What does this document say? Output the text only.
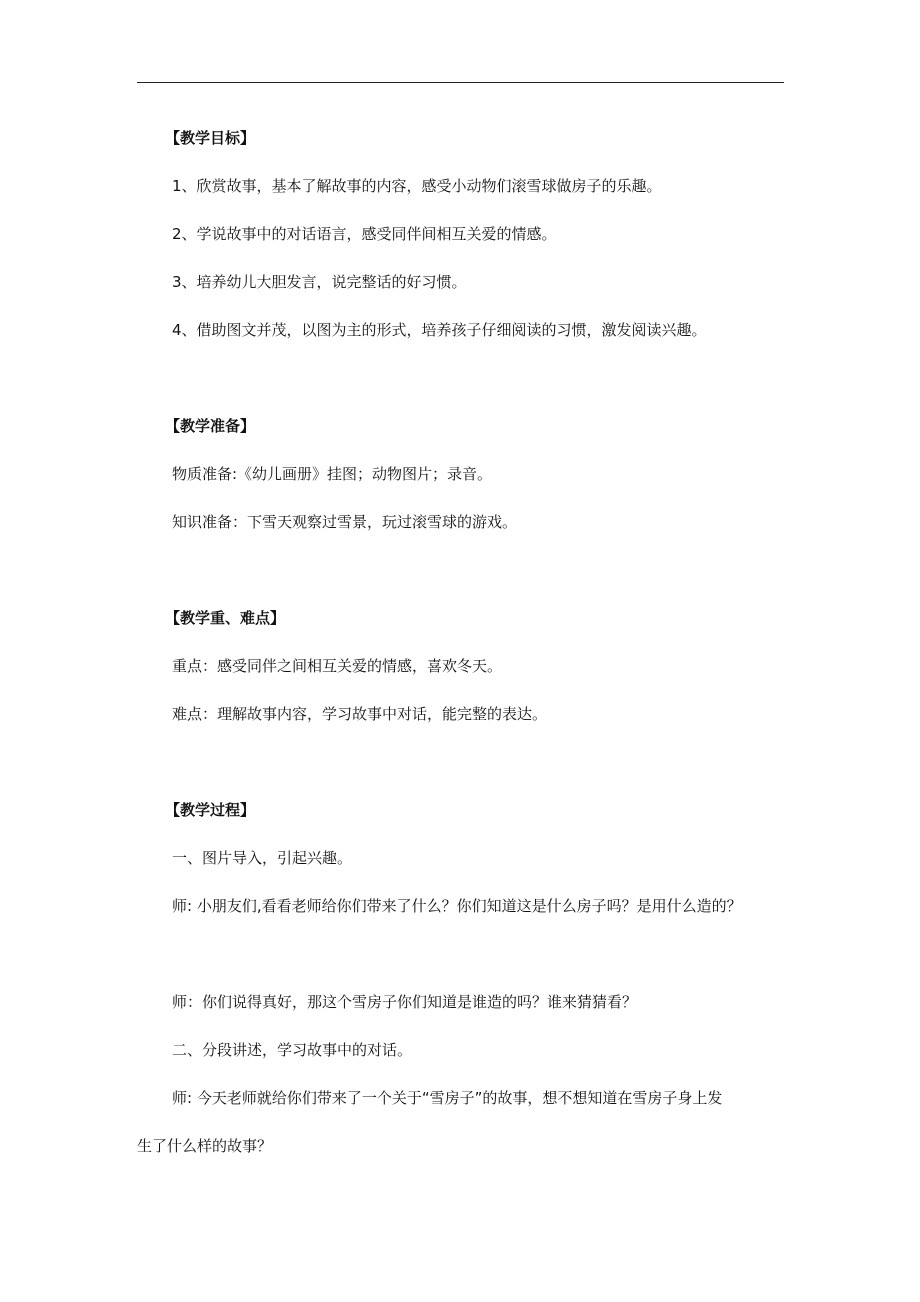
【教学目标】
1、欣赏故事，基本了解故事的内容，感受小动物们滚雪球做房子的乐趣。
2、学说故事中的对话语言，感受同伴间相互关爱的情感。
3、培养幼儿大胆发言，说完整话的好习惯。
4、借助图文并茂，以图为主的形式，培养孩子仔细阅读的习惯，激发阅读兴趣。
【教学准备】
物质准备:《幼儿画册》挂图；动物图片；录音。
知识准备：下雪天观察过雪景，玩过滚雪球的游戏。
【教学重、难点】
重点：感受同伴之间相互关爱的情感，喜欢冬天。
难点：理解故事内容，学习故事中对话，能完整的表达。
【教学过程】
一、图片导入，引起兴趣。
师: 小朋友们,看看老师给你们带来了什么？你们知道这是什么房子吗？是用什么造的？
师：你们说得真好，那这个雪房子你们知道是谁造的吗？谁来猜猜看？
二、分段讲述，学习故事中的对话。
师: 今天老师就给你们带来了一个关于“雪房子”的故事，想不想知道在雪房子身上发
生了什么样的故事？
